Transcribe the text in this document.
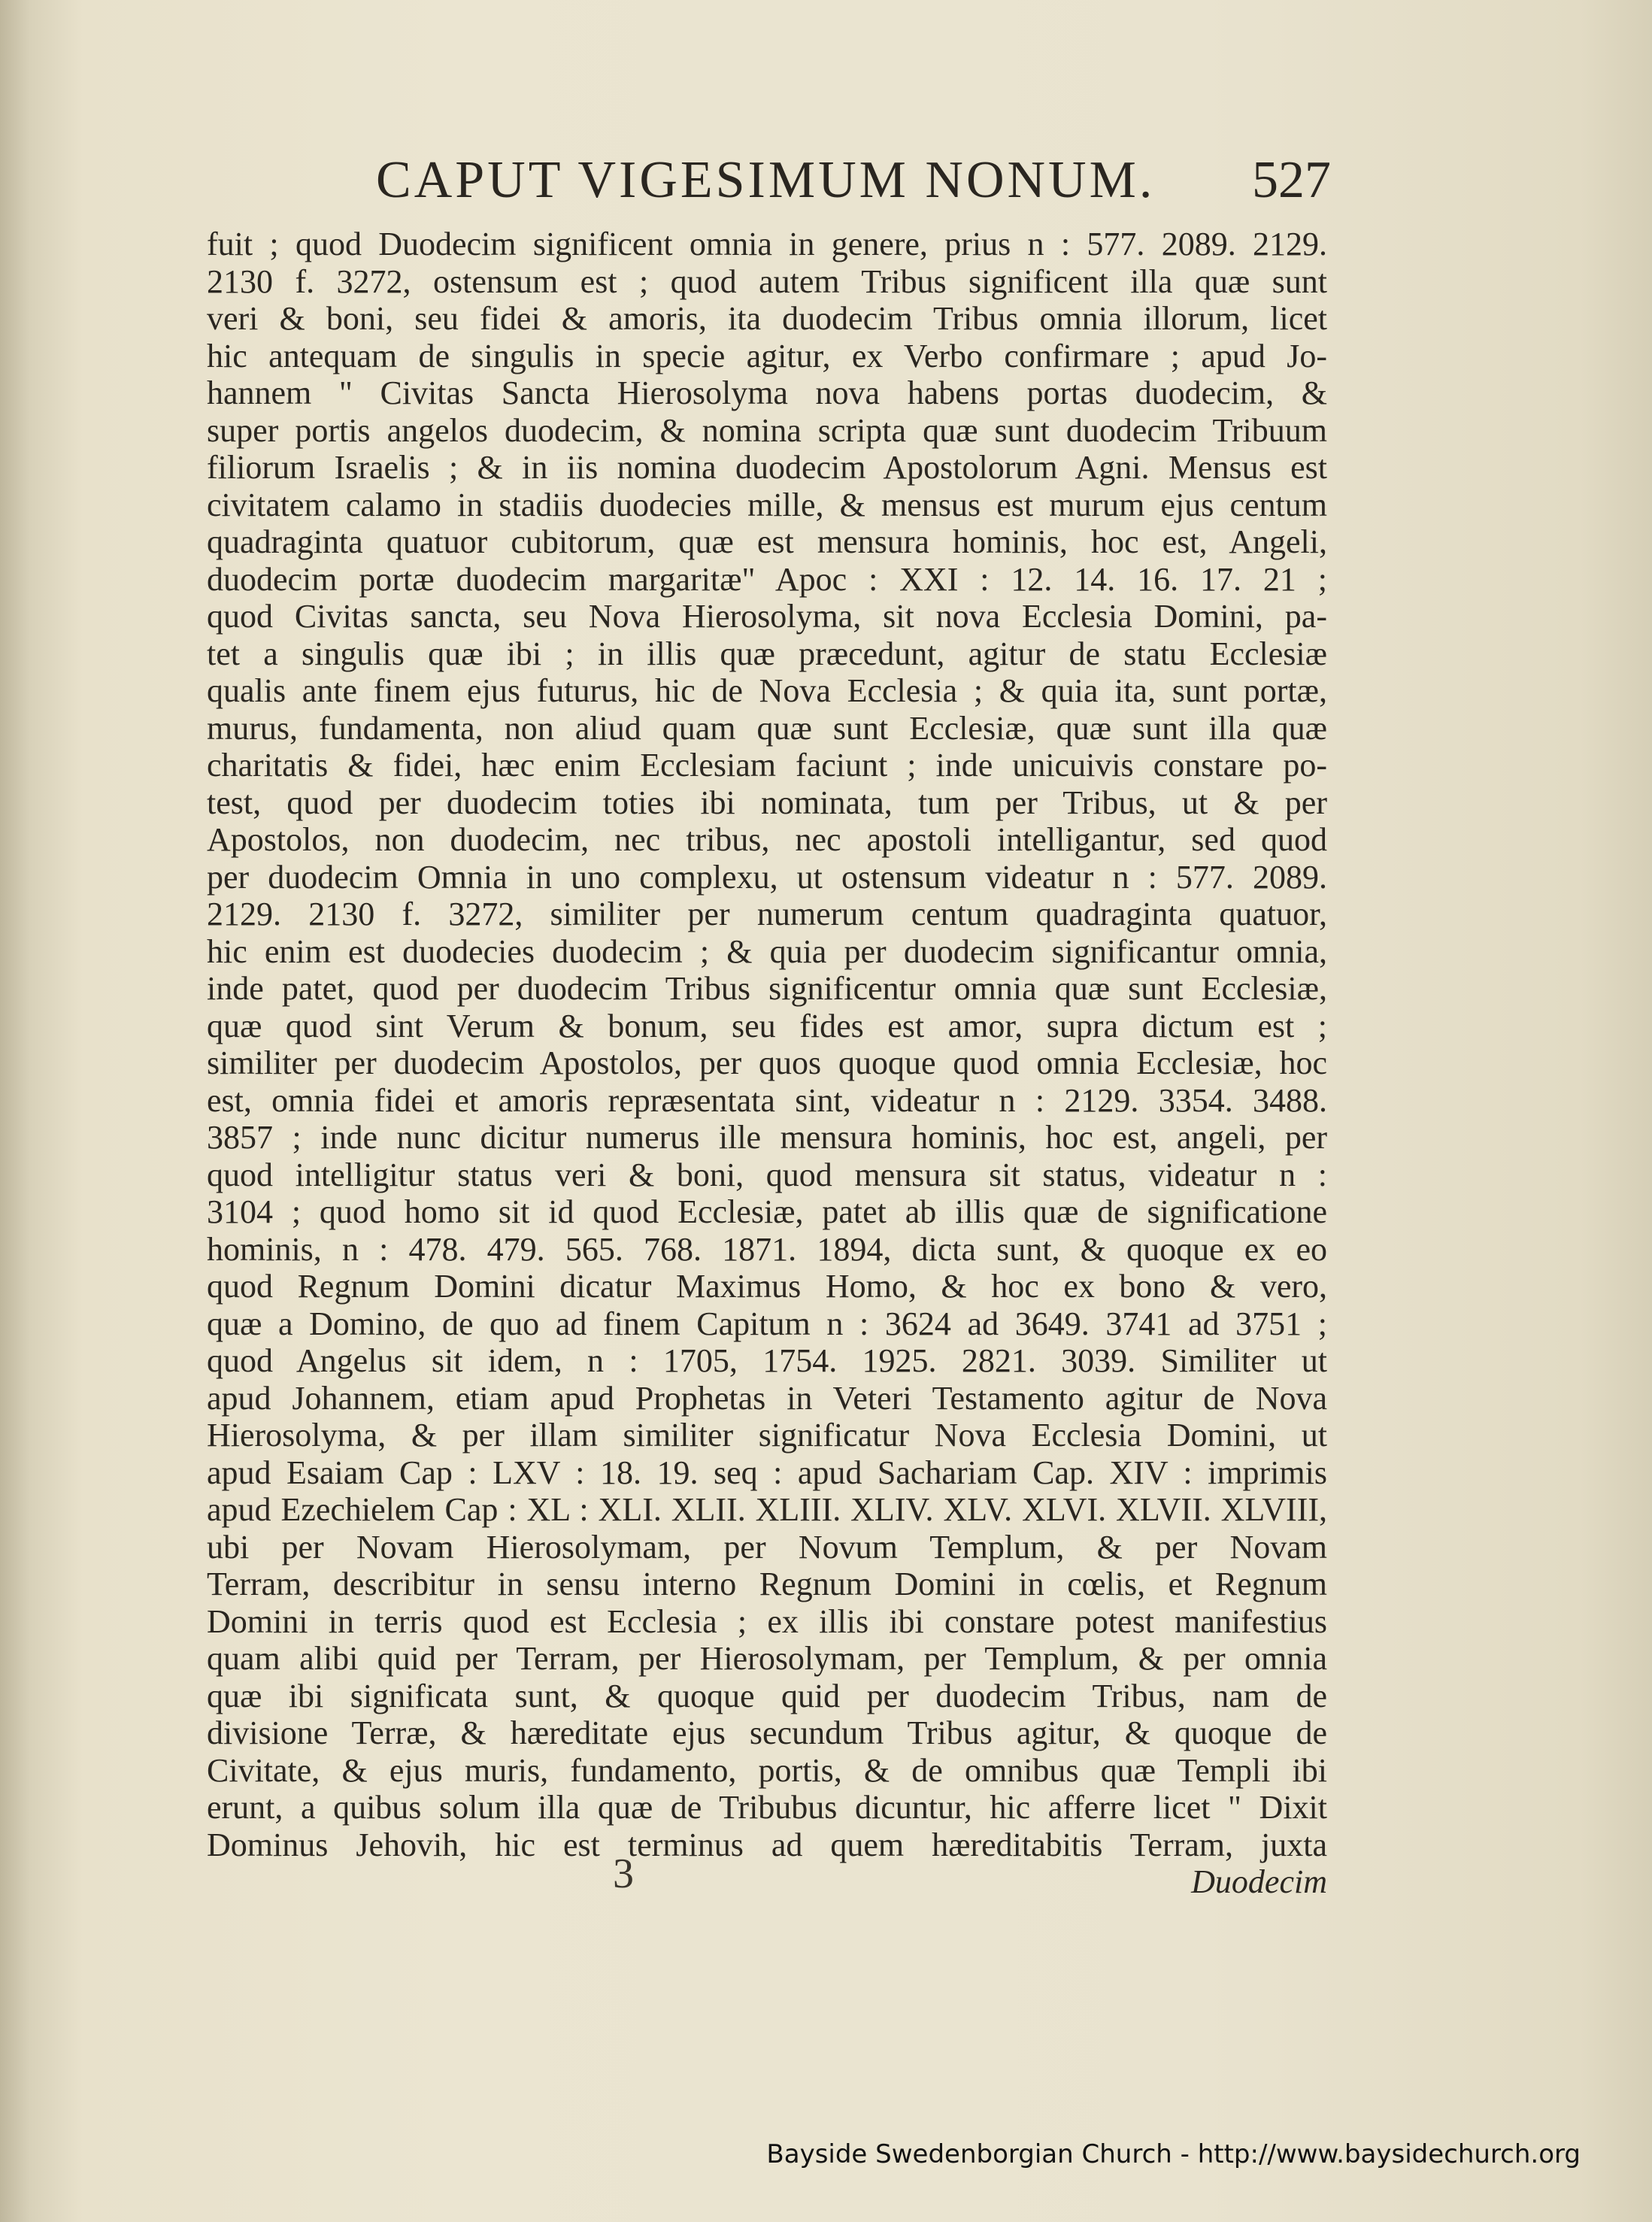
CAPUT VIGESIMUM NONUM. 527
fuit ; quod Duodecim significent omnia in genere, prius n : 577. 2089. 2129.
2130 f. 3272, ostensum est ; quod autem Tribus significent illa quæ sunt
veri & boni, seu fidei & amoris, ita duodecim Tribus omnia illorum, licet
hic antequam de singulis in specie agitur, ex Verbo confirmare ; apud Jo-
hannem " Civitas Sancta Hierosolyma nova habens portas duodecim, &
super portis angelos duodecim, & nomina scripta quæ sunt duodecim Tribuum
filiorum Israelis ; & in iis nomina duodecim Apostolorum Agni. Mensus est
civitatem calamo in stadiis duodecies mille, & mensus est murum ejus centum
quadraginta quatuor cubitorum, quæ est mensura hominis, hoc est, Angeli,
duodecim portæ duodecim margaritæ" Apoc : XXI : 12. 14. 16. 17. 21 ;
quod Civitas sancta, seu Nova Hierosolyma, sit nova Ecclesia Domini, pa-
tet a singulis quæ ibi ; in illis quæ præcedunt, agitur de statu Ecclesiæ
qualis ante finem ejus futurus, hic de Nova Ecclesia ; & quia ita, sunt portæ,
murus, fundamenta, non aliud quam quæ sunt Ecclesiæ, quæ sunt illa quæ
charitatis & fidei, hæc enim Ecclesiam faciunt ; inde unicuivis constare po-
test, quod per duodecim toties ibi nominata, tum per Tribus, ut & per
Apostolos, non duodecim, nec tribus, nec apostoli intelligantur, sed quod
per duodecim Omnia in uno complexu, ut ostensum videatur n : 577. 2089.
2129. 2130 f. 3272, similiter per numerum centum quadraginta quatuor,
hic enim est duodecies duodecim ; & quia per duodecim significantur omnia,
inde patet, quod per duodecim Tribus significentur omnia quæ sunt Ecclesiæ,
quæ quod sint Verum & bonum, seu fides est amor, supra dictum est ;
similiter per duodecim Apostolos, per quos quoque quod omnia Ecclesiæ, hoc
est, omnia fidei et amoris repræsentata sint, videatur n : 2129. 3354. 3488.
3857 ; inde nunc dicitur numerus ille mensura hominis, hoc est, angeli, per
quod intelligitur status veri & boni, quod mensura sit status, videatur n :
3104 ; quod homo sit id quod Ecclesiæ, patet ab illis quæ de significatione
hominis, n : 478. 479. 565. 768. 1871. 1894, dicta sunt, & quoque ex eo
quod Regnum Domini dicatur Maximus Homo, & hoc ex bono & vero,
quæ a Domino, de quo ad finem Capitum n : 3624 ad 3649. 3741 ad 3751 ;
quod Angelus sit idem, n : 1705, 1754. 1925. 2821. 3039. Similiter ut
apud Johannem, etiam apud Prophetas in Veteri Testamento agitur de Nova
Hierosolyma, & per illam similiter significatur Nova Ecclesia Domini, ut
apud Esaiam Cap : LXV : 18. 19. seq : apud Sachariam Cap. XIV : imprimis
apud Ezechielem Cap : XL : XLI. XLII. XLIII. XLIV. XLV. XLVI. XLVII. XLVIII,
ubi per Novam Hierosolymam, per Novum Templum, & per Novam
Terram, describitur in sensu interno Regnum Domini in cœlis, et Regnum
Domini in terris quod est Ecclesia ; ex illis ibi constare potest manifestius
quam alibi quid per Terram, per Hierosolymam, per Templum, & per omnia
quæ ibi significata sunt, & quoque quid per duodecim Tribus, nam de
divisione Terræ, & hæreditate ejus secundum Tribus agitur, & quoque de
Civitate, & ejus muris, fundamento, portis, & de omnibus quæ Templi ibi
erunt, a quibus solum illa quæ de Tribubus dicuntur, hic afferre licet " Dixit
Dominus Jehovih, hic est terminus ad quem hæreditabitis Terram, juxta
Duodecim
3
Bayside Swedenborgian Church - http://www.baysidechurch.org
